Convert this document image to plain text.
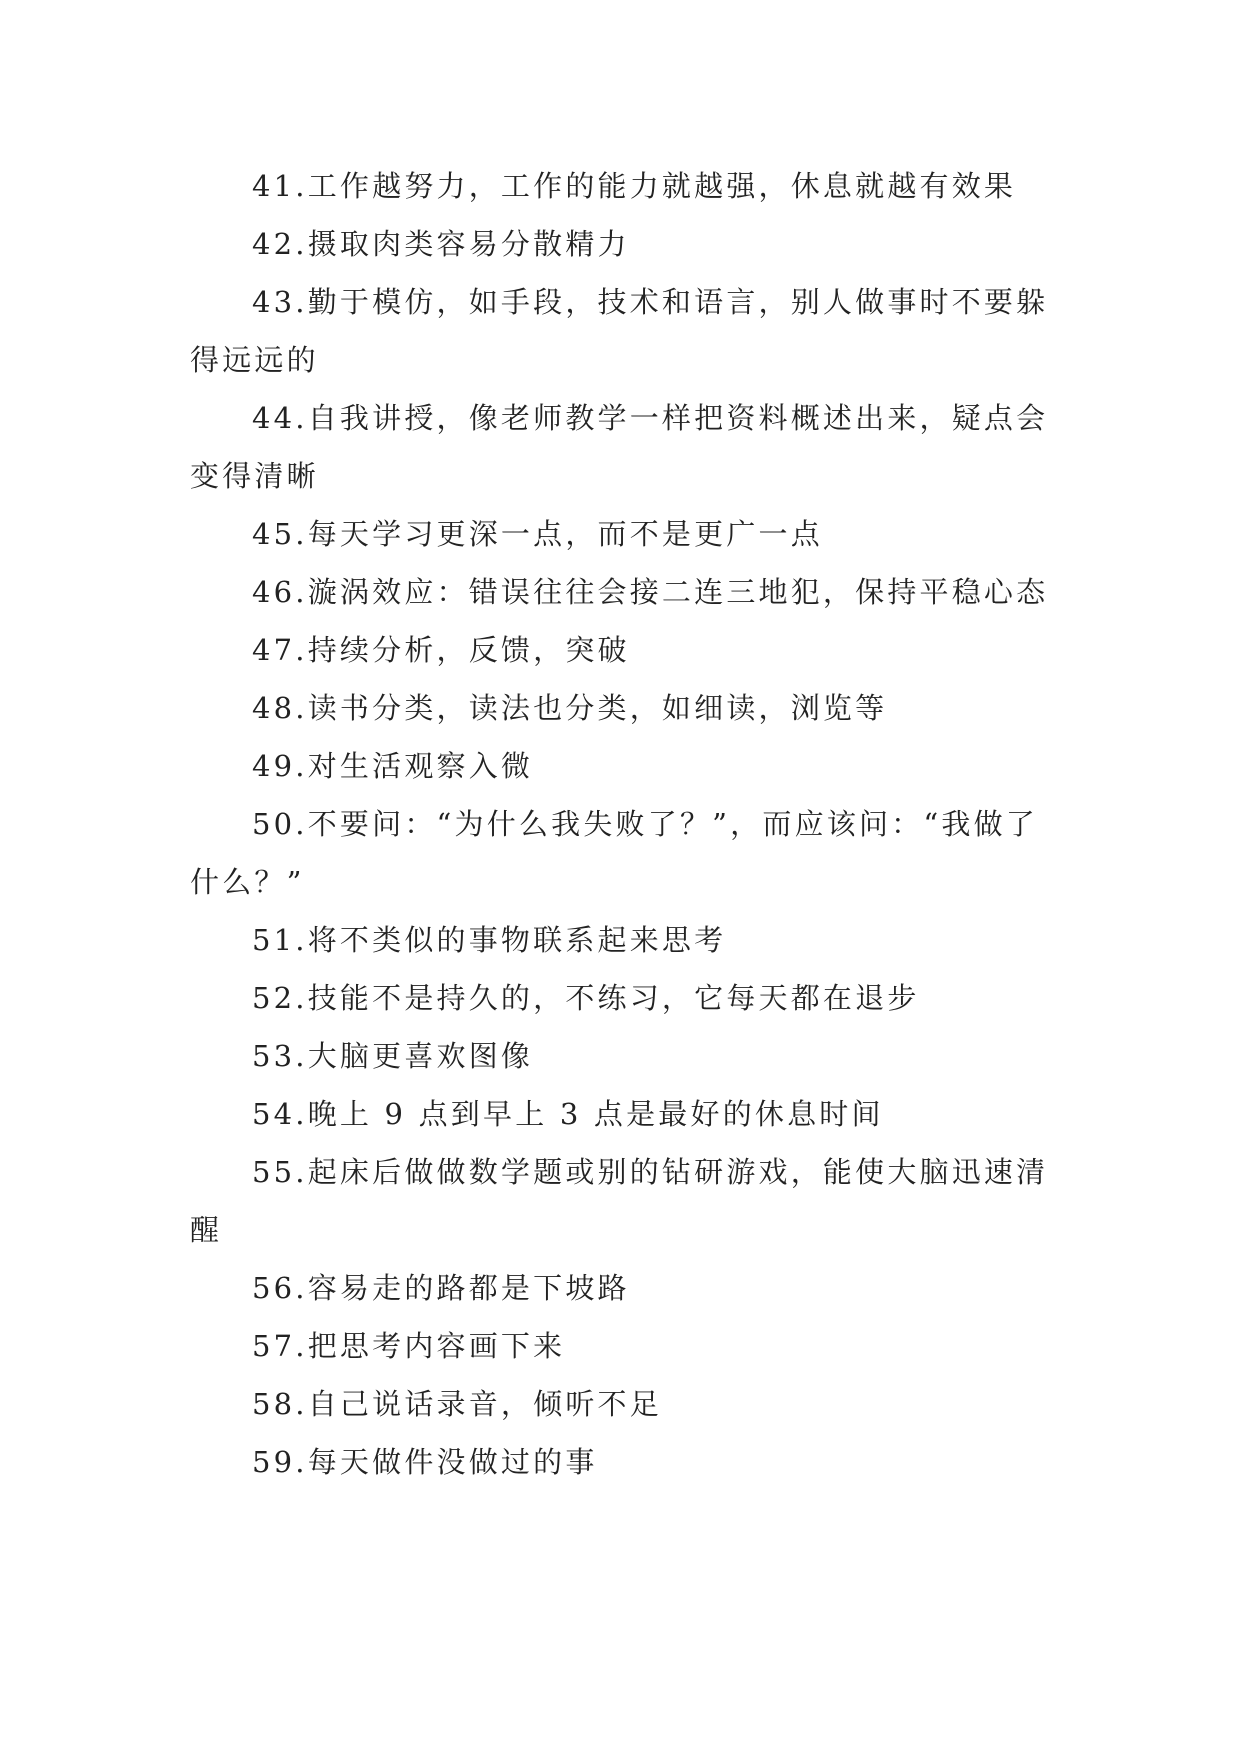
41.工作越努力，工作的能力就越强，休息就越有效果

42.摄取肉类容易分散精力

43.勤于模仿，如手段，技术和语言，别人做事时不要躲得远远的

44.自我讲授，像老师教学一样把资料概述出来，疑点会变得清晰

45.每天学习更深一点，而不是更广一点

46.漩涡效应：错误往往会接二连三地犯，保持平稳心态

47.持续分析，反馈，突破

48.读书分类，读法也分类，如细读，浏览等

49.对生活观察入微

50.不要问：“为什么我失败了？”，而应该问：“我做了什么？”

51.将不类似的事物联系起来思考

52.技能不是持久的，不练习，它每天都在退步

53.大脑更喜欢图像

54.晚上 9 点到早上 3 点是最好的休息时间

55.起床后做做数学题或别的钻研游戏，能使大脑迅速清醒

56.容易走的路都是下坡路

57.把思考内容画下来

58.自己说话录音，倾听不足

59.每天做件没做过的事
